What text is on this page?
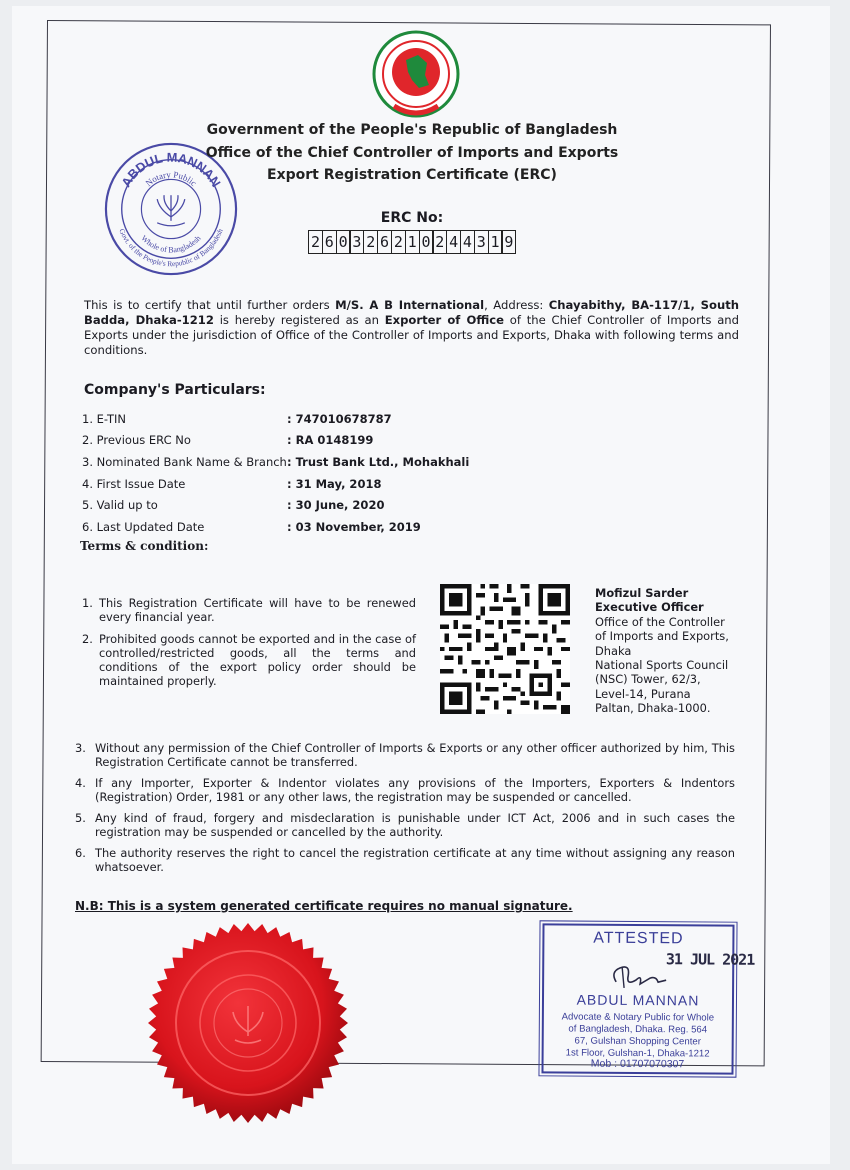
ABDUL MANNAN
Notary Public
Whole of Bangladesh
Govt. of the People's Republic of Bangladesh
Government of the People's Republic of Bangladesh
Office of the Chief Controller of Imports and Exports
Export Registration Certificate (ERC)
ERC No:
2 6 0 3 2 6 2 1 0 2 4 4 3 1 9
This is to certify that until further orders M/S. A B International, Address: Chayabithy, BA-117/1, South Badda, Dhaka-1212 is hereby registered as an Exporter of Office of the Chief Controller of Imports and Exports under the jurisdiction of Office of the Controller of Imports and Exports, Dhaka with following terms and conditions.
Company's Particulars:
1. E-TIN	: 747010678787
2. Previous ERC No	: RA 0148199
3. Nominated Bank Name & Branch : Trust Bank Ltd., Mohakhali
4. First Issue Date	: 31 May, 2018
5. Valid up to	: 30 June, 2020
6. Last Updated Date	: 03 November, 2019
Terms & condition:
1. This Registration Certificate will have to be renewed every financial year.
2. Prohibited goods cannot be exported and in the case of controlled/restricted goods, all the terms and conditions of the export policy order should be maintained properly.
Mofizul Sarder
Executive Officer
Office of the Controller
of Imports and Exports,
Dhaka
National Sports Council
(NSC) Tower, 62/3,
Level-14, Purana
Paltan, Dhaka-1000.
3. Without any permission of the Chief Controller of Imports & Exports or any other officer authorized by him, This Registration Certificate cannot be transferred.
4. If any Importer, Exporter & Indentor violates any provisions of the Importers, Exporters & Indentors (Registration) Order, 1981 or any other laws, the registration may be suspended or cancelled.
5. Any kind of fraud, forgery and misdeclaration is punishable under ICT Act, 2006 and in such cases the registration may be suspended or cancelled by the authority.
6. The authority reserves the right to cancel the registration certificate at any time without assigning any reason whatsoever.
N.B: This is a system generated certificate requires no manual signature.
ATTESTED
31 JUL 2021
ABDUL MANNAN
Advocate & Notary Public for Whole
of Bangladesh, Dhaka. Reg. 564
67, Gulshan Shopping Center
1st Floor, Gulshan-1, Dhaka-1212
Mob : 01707070307
